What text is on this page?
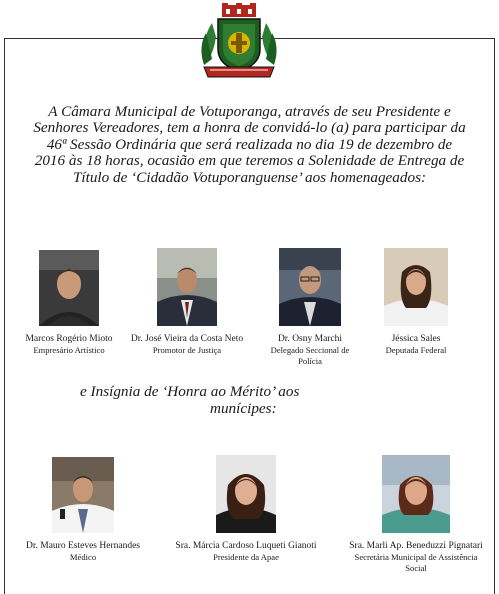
A Câmara Municipal de Votuporanga, através de seu Presidente e Senhores Vereadores, tem a honra de convidá-lo (a) para participar da 46ª Sessão Ordinária que será realizada no dia 19 de dezembro de 2016 às 18 horas, ocasião em que teremos a Solenidade de Entrega de Título de ‘Cidadão Votuporanguense’ aos homenageados:
Marcos Rogério Mioto
Empresário Artístico
Dr. José Vieira da Costa Neto
Promotor de Justiça
Dr. Osny Marchi
Delegado Seccional de Polícia
Jéssica Sales
Deputada Federal
e Insígnia de ‘Honra ao Mérito’ aos
munícipes:
Dr. Mauro Esteves Hernandes
Médico
Sra. Márcia Cardoso Luqueti Gianoti
Presidente da Apae
Sra. Marli Ap. Beneduzzi Pignatari
Secretária Municipal de Assistência Social
